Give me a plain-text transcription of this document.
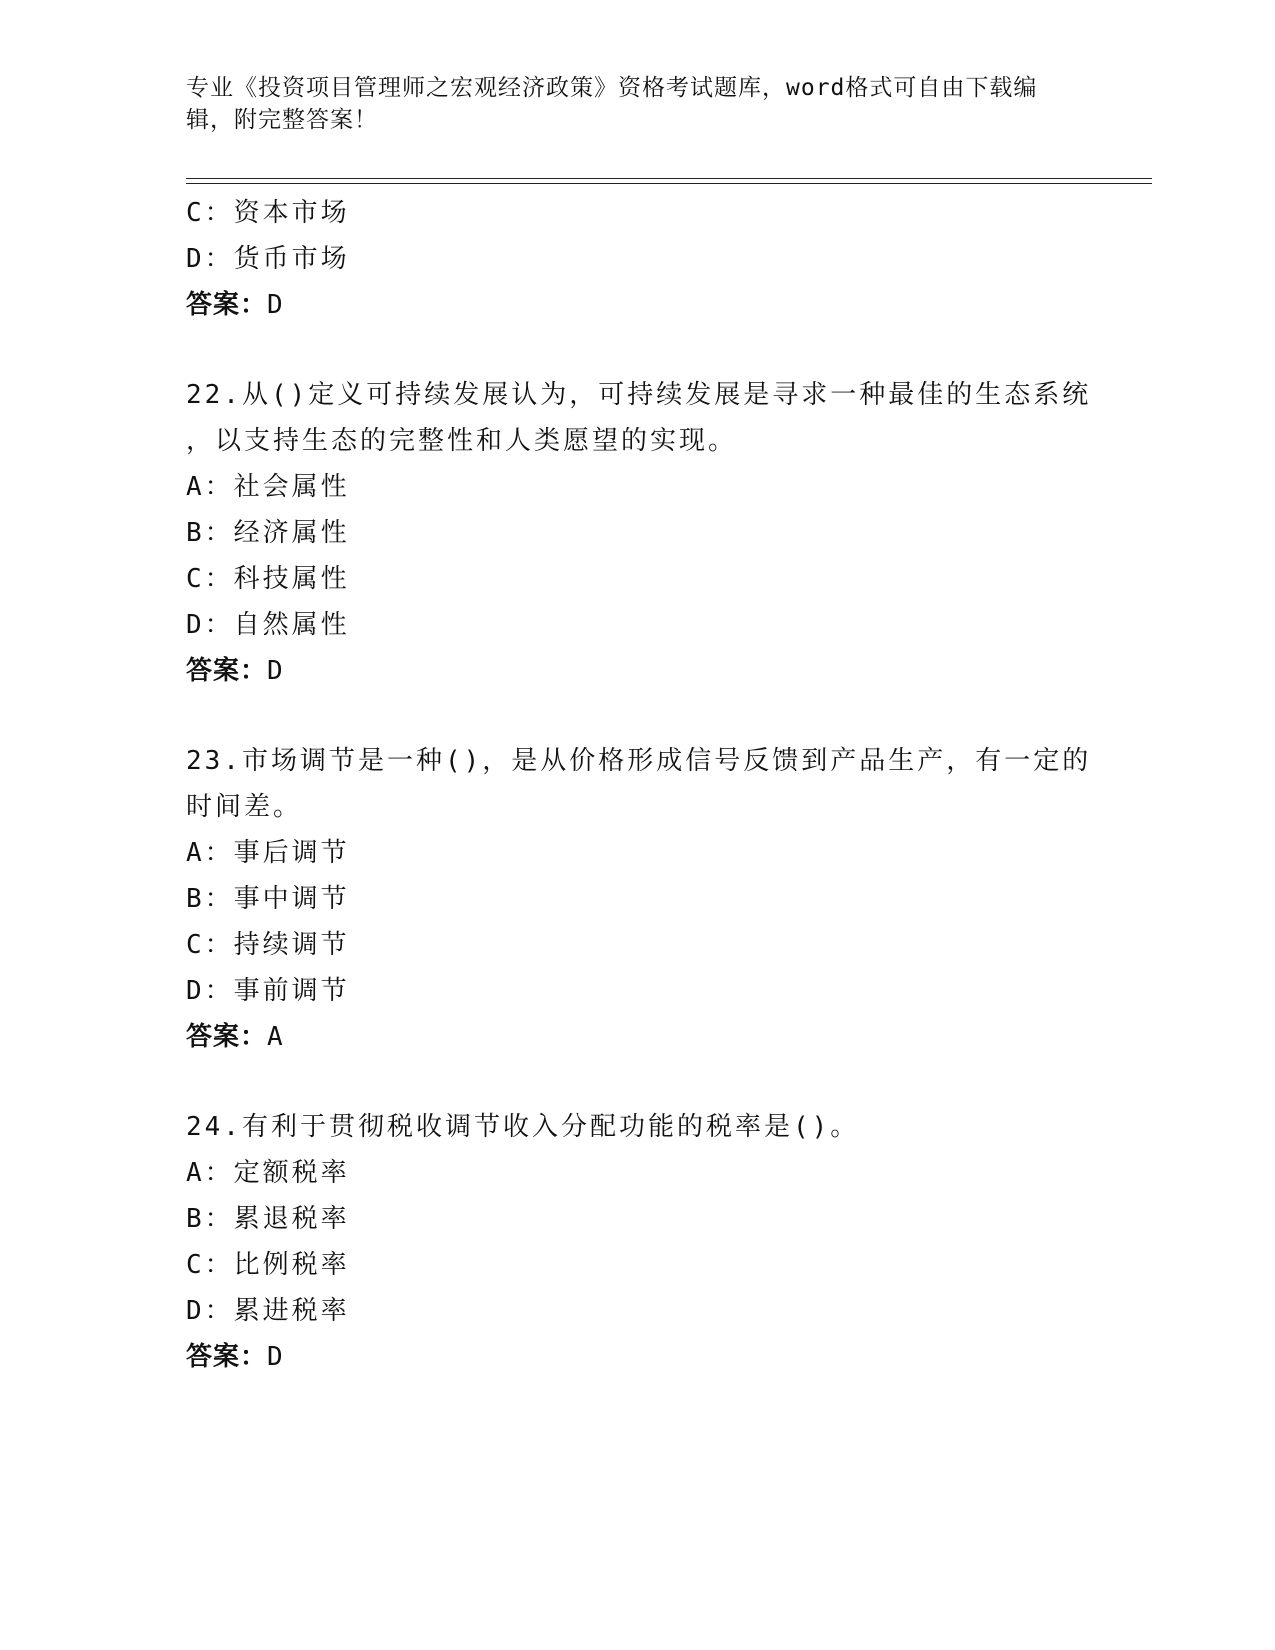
专业《投资项目管理师之宏观经济政策》资格考试题库，word格式可自由下载编

辑，附完整答案！

C：资本市场
D：货币市场
答案：D
22.从()定义可持续发展认为，可持续发展是寻求一种最佳的生态系统
，以支持生态的完整性和人类愿望的实现。
A：社会属性
B：经济属性
C：科技属性
D：自然属性
答案：D
23.市场调节是一种()，是从价格形成信号反馈到产品生产，有一定的
时间差。
A：事后调节
B：事中调节
C：持续调节
D：事前调节
答案：A
24.有利于贯彻税收调节收入分配功能的税率是()。
A：定额税率
B：累退税率
C：比例税率
D：累进税率
答案：D
